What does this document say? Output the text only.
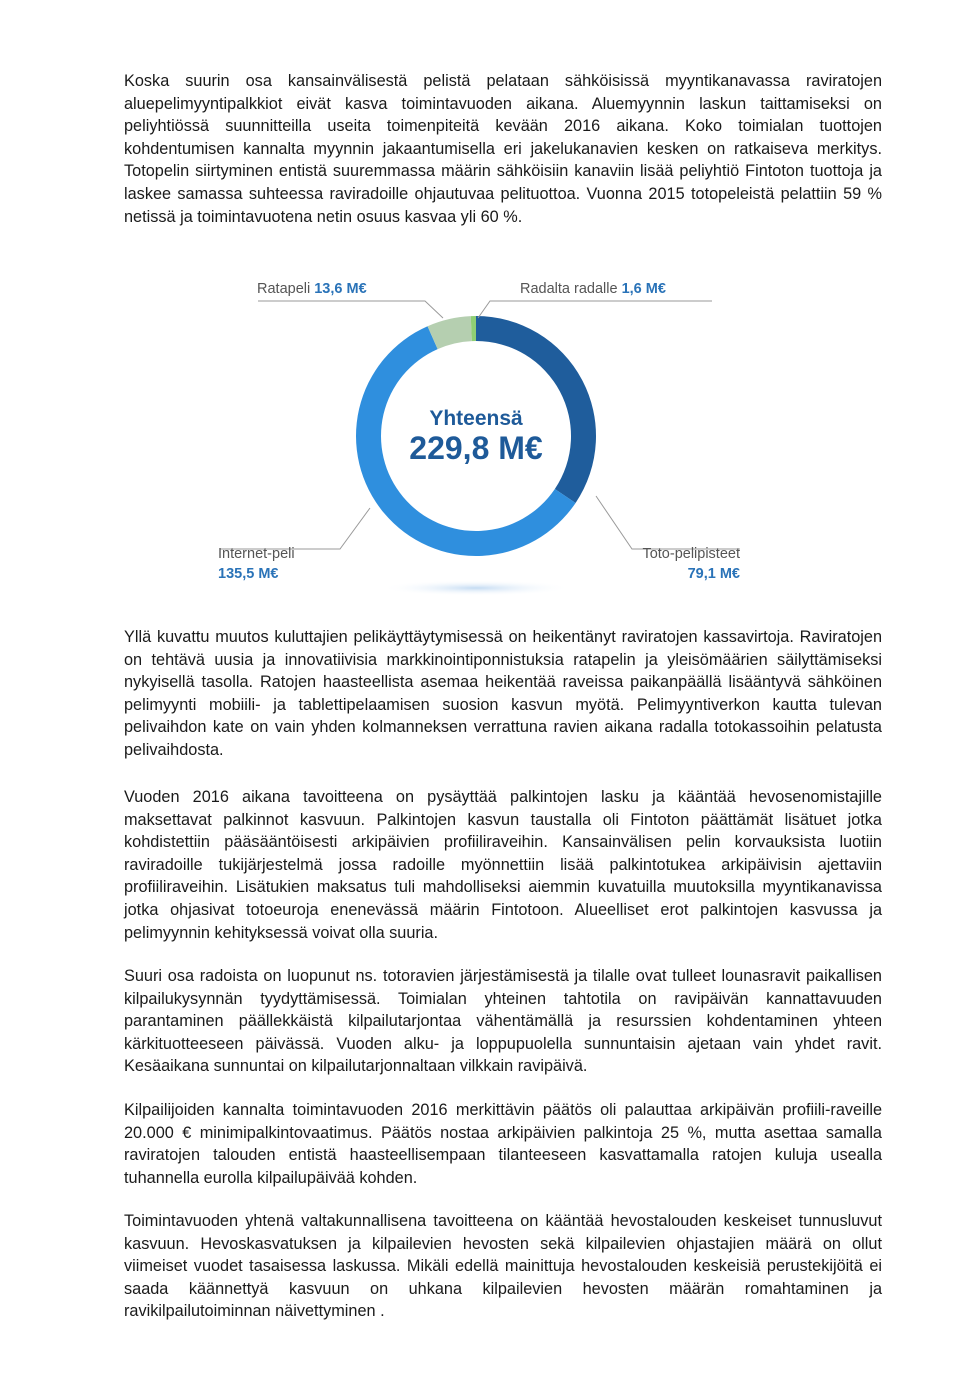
Koska suurin osa kansainvälisestä pelistä pelataan sähköisissä myyntikanavassa raviratojen aluepelimyyntipalkkiot eivät kasva toimintavuoden aikana. Aluemyynnin laskun taittamiseksi on peliyhtiössä suunnitteilla useita toimenpiteitä kevään 2016 aikana. Koko toimialan tuottojen kohdentumisen kannalta myynnin jakaantumisella eri jakelukanavien kesken on ratkaiseva merkitys. Totopelin siirtyminen entistä suuremmassa määrin sähköisiin kanaviin lisää peliyhtiö Fintoton tuottoja ja laskee samassa suhteessa raviradoille ohjautuvaa pelituottoa. Vuonna 2015 totopeleistä pelattiin 59 % netissä ja toimintavuotena netin osuus kasvaa yli 60 %.

Ratapeli 13,6 M€	Radalta radalle 1,6 M€
Yhteensä
229,8 M€
Internet-peli
135,5 M€
Toto-pelipisteet
79,1 M€

Yllä kuvattu muutos kuluttajien pelikäyttäytymisessä on heikentänyt raviratojen kassavirtoja. Raviratojen on tehtävä uusia ja innovatiivisia markkinointiponnistuksia ratapelin ja yleisömäärien säilyttämiseksi nykyisellä tasolla. Ratojen haasteellista asemaa heikentää raveissa paikanpäällä lisääntyvä sähköinen pelimyynti mobiili- ja tablettipelaamisen suosion kasvun myötä. Pelimyyntiverkon kautta tulevan pelivaihdon kate on vain yhden kolmanneksen verrattuna ravien aikana radalla totokassoihin pelatusta pelivaihdosta.

Vuoden 2016 aikana tavoitteena on pysäyttää palkintojen lasku ja kääntää hevosenomistajille maksettavat palkinnot kasvuun. Palkintojen kasvun taustalla oli Fintoton päättämät lisätuet jotka kohdistettiin pääsääntöisesti arkipäivien profiiliraveihin. Kansainvälisen pelin korvauksista luotiin raviradoille tukijärjestelmä jossa radoille myönnettiin lisää palkintotukea arkipäivisin ajettaviin profiiliraveihin. Lisätukien maksatus tuli mahdolliseksi aiemmin kuvatuilla muutoksilla myyntikanavissa jotka ohjasivat totoeuroja enenevässä määrin Fintotoon. Alueelliset erot palkintojen kasvussa ja pelimyynnin kehityksessä voivat olla suuria.

Suuri osa radoista on luopunut ns. totoravien järjestämisestä ja tilalle ovat tulleet lounasravit paikallisen kilpailukysynnän tyydyttämisessä. Toimialan yhteinen tahtotila on ravipäivän kannattavuuden parantaminen päällekkäistä kilpailutarjontaa vähentämällä ja resurssien kohdentaminen yhteen kärkituotteeseen päivässä. Vuoden alku- ja loppupuolella sunnuntaisin ajetaan vain yhdet ravit. Kesäaikana sunnuntai on kilpailutarjonnaltaan vilkkain ravipäivä.

Kilpailijoiden kannalta toimintavuoden 2016 merkittävin päätös oli palauttaa arkipäivän profiili-raveille 20.000 € minimipalkintovaatimus. Päätös nostaa arkipäivien palkintoja 25 %, mutta asettaa samalla raviratojen talouden entistä haasteellisempaan tilanteeseen kasvattamalla ratojen kuluja usealla tuhannella eurolla kilpailupäivää kohden.

Toimintavuoden yhtenä valtakunnallisena tavoitteena on kääntää hevostalouden keskeiset tunnusluvut kasvuun. Hevoskasvatuksen ja kilpailevien hevosten sekä kilpailevien ohjastajien määrä on ollut viimeiset vuodet tasaisessa laskussa. Mikäli edellä mainittuja hevostalouden keskeisiä perustekijöitä ei saada käännettyä kasvuun on uhkana kilpailevien hevosten määrän romahtaminen ja ravikilpailutoiminnan näivettyminen .
